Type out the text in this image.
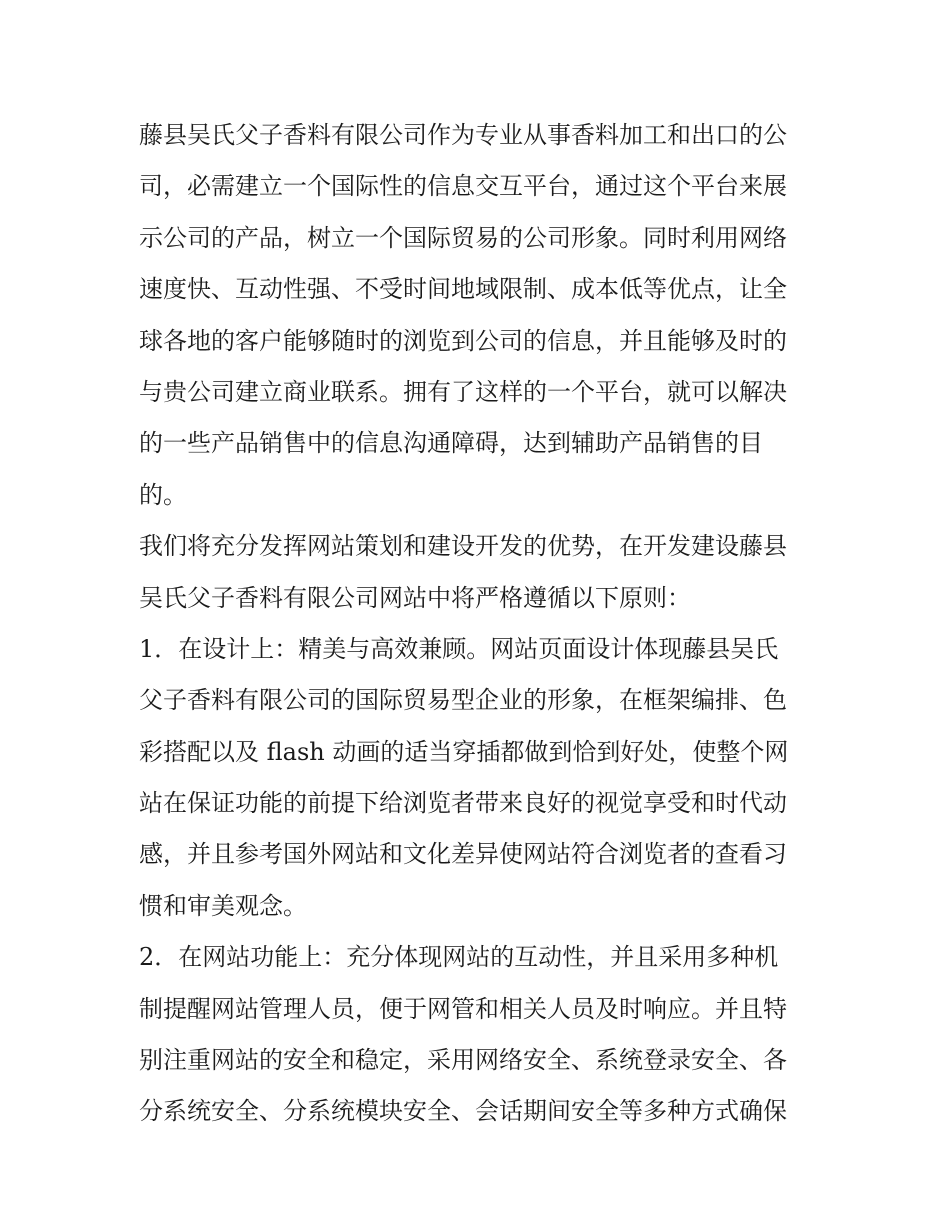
藤县吴氏父子香料有限公司作为专业从事香料加工和出口的公
司，必需建立一个国际性的信息交互平台，通过这个平台来展
示公司的产品，树立一个国际贸易的公司形象。同时利用网络
速度快、互动性强、不受时间地域限制、成本低等优点，让全
球各地的客户能够随时的浏览到公司的信息，并且能够及时的
与贵公司建立商业联系。拥有了这样的一个平台，就可以解决
的一些产品销售中的信息沟通障碍，达到辅助产品销售的目
的。
我们将充分发挥网站策划和建设开发的优势，在开发建设藤县
吴氏父子香料有限公司网站中将严格遵循以下原则：
1．在设计上：精美与高效兼顾。网站页面设计体现藤县吴氏
父子香料有限公司的国际贸易型企业的形象，在框架编排、色
彩搭配以及 flash 动画的适当穿插都做到恰到好处，使整个网
站在保证功能的前提下给浏览者带来良好的视觉享受和时代动
感，并且参考国外网站和文化差异使网站符合浏览者的查看习
惯和审美观念。
2．在网站功能上：充分体现网站的互动性，并且采用多种机
制提醒网站管理人员，便于网管和相关人员及时响应。并且特
别注重网站的安全和稳定，采用网络安全、系统登录安全、各
分系统安全、分系统模块安全、会话期间安全等多种方式确保
